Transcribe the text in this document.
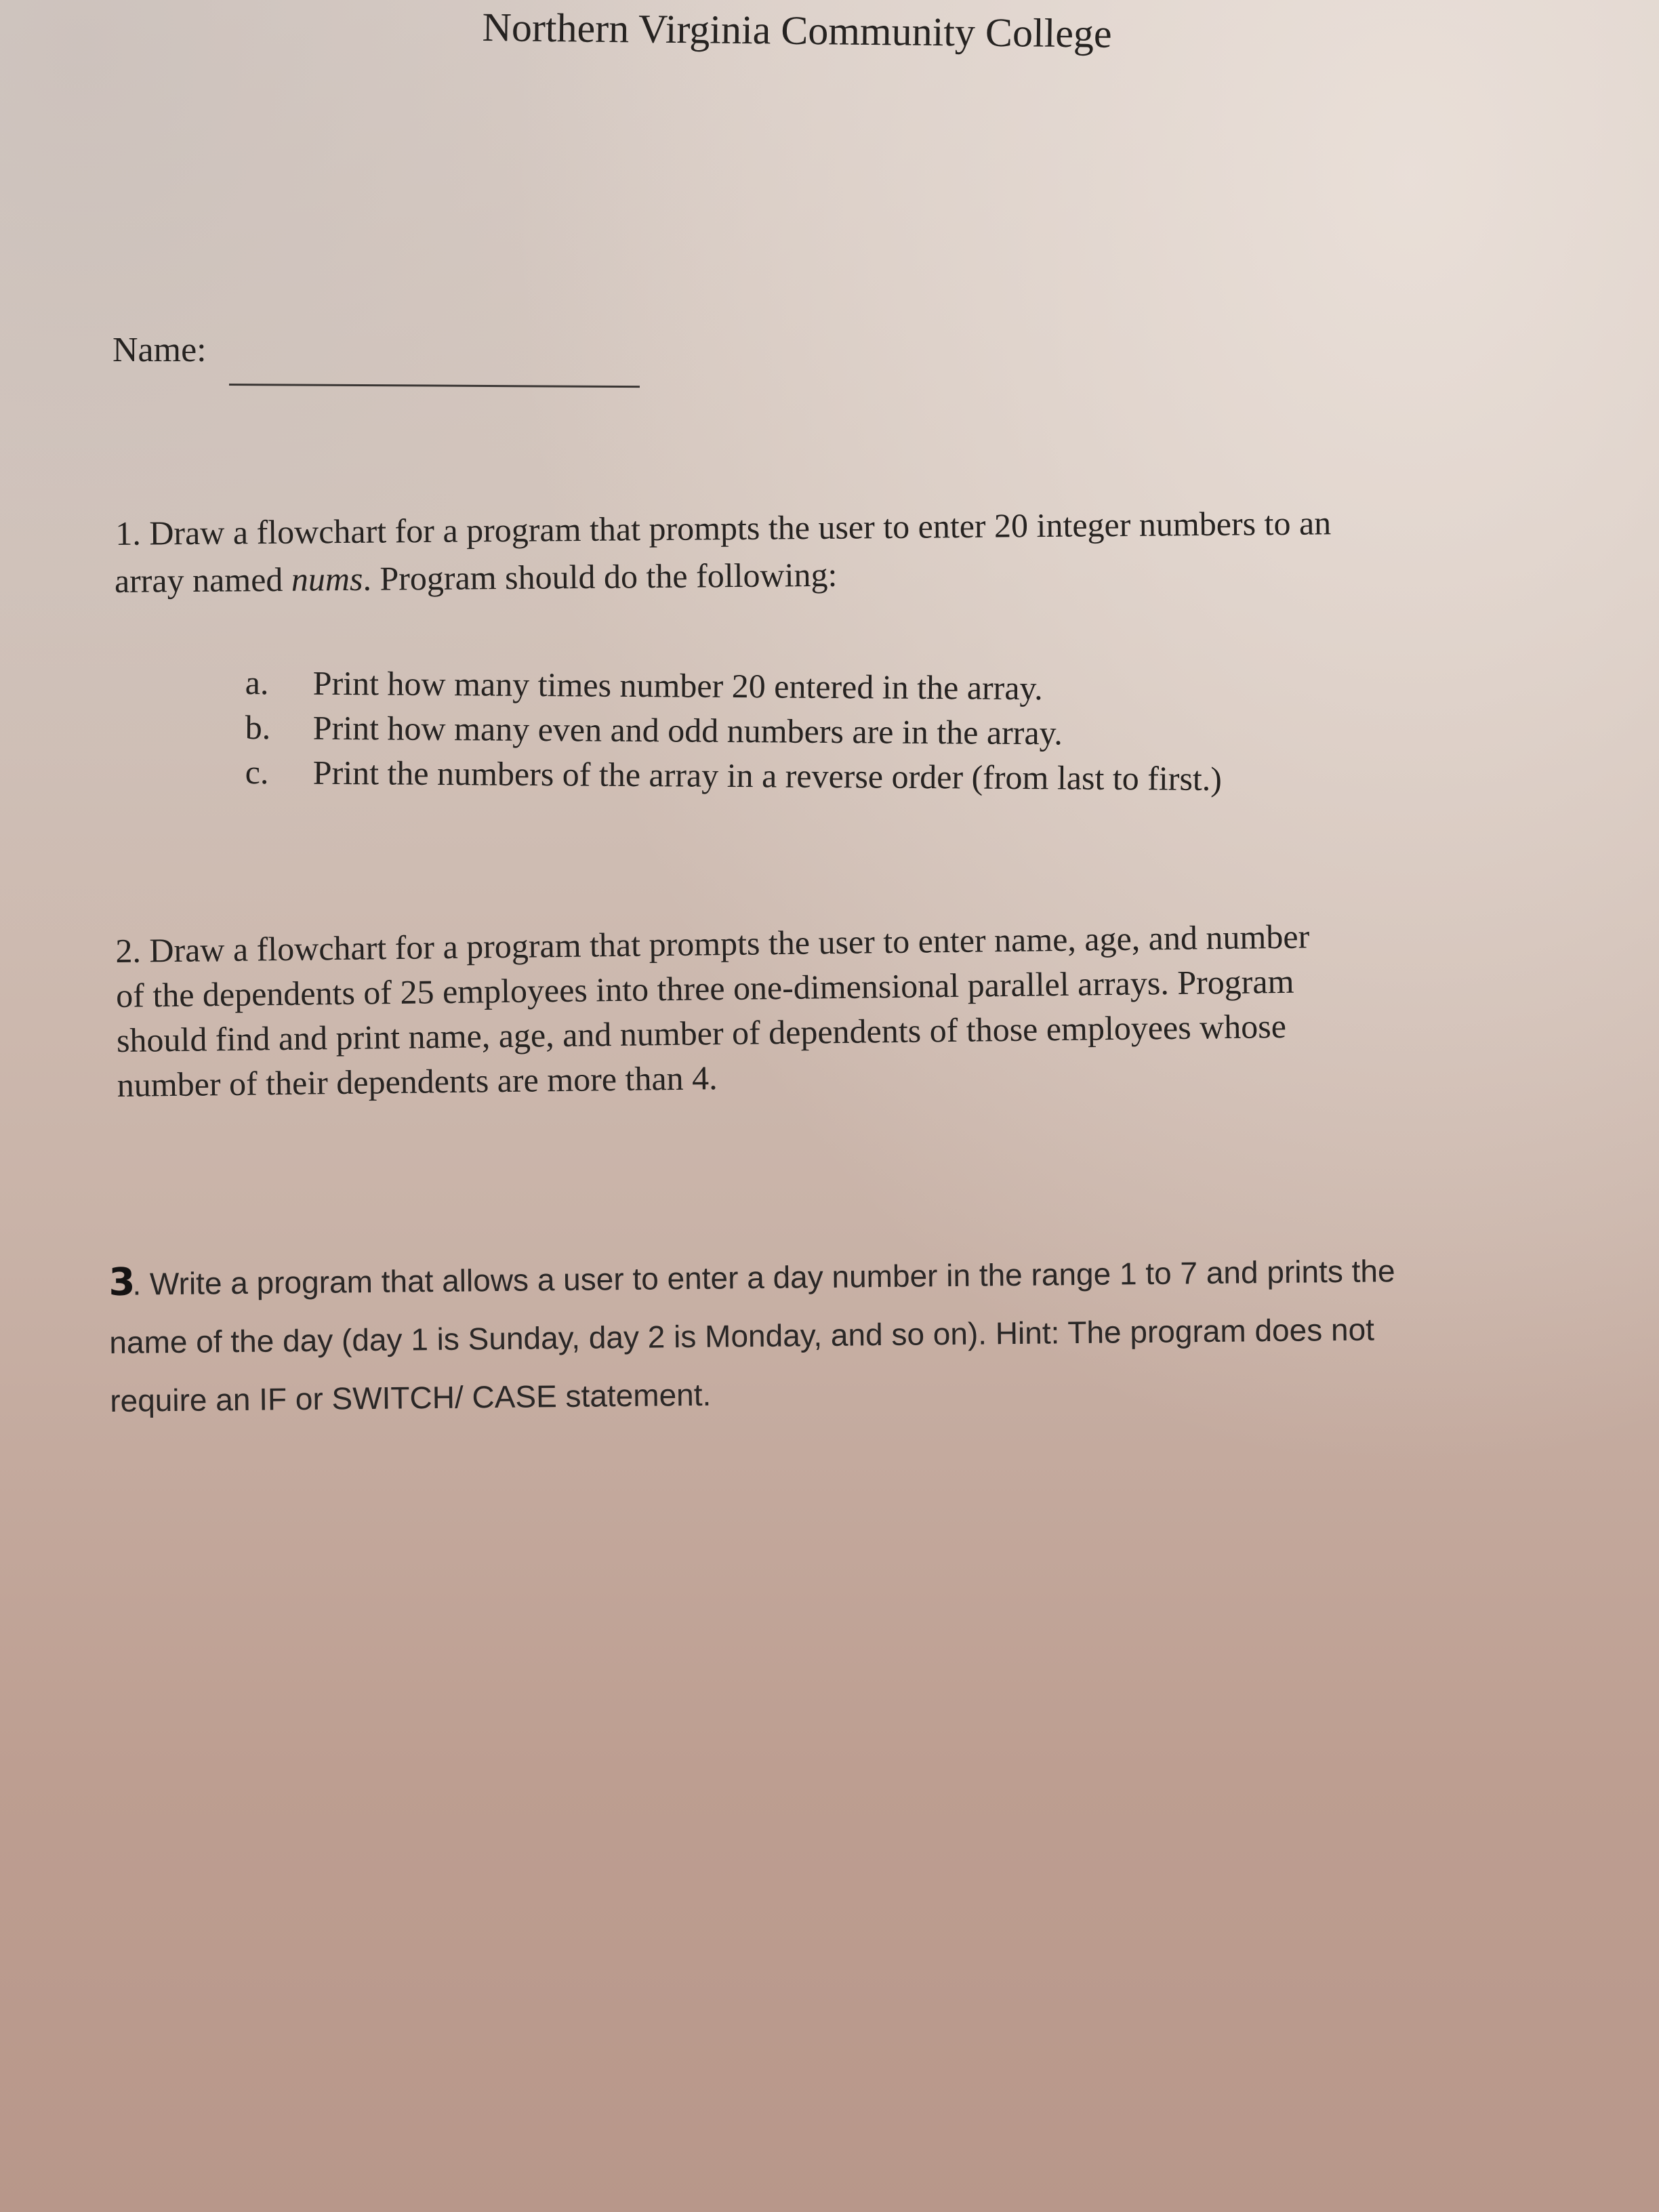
Northern Virginia Community College
Name:
1. Draw a flowchart for a program that prompts the user to enter 20 integer numbers to an
array named nums. Program should do the following:
a. Print how many times number 20 entered in the array.
b. Print how many even and odd numbers are in the array.
c. Print the numbers of the array in a reverse order (from last to first.)
2. Draw a flowchart for a program that prompts the user to enter name, age, and number
of the dependents of 25 employees into three one-dimensional parallel arrays. Program
should find and print name, age, and number of dependents of those employees whose
number of their dependents are more than 4.
3. Write a program that allows a user to enter a day number in the range 1 to 7 and prints the
name of the day (day 1 is Sunday, day 2 is Monday, and so on). Hint: The program does not
require an IF or SWITCH/ CASE statement.
